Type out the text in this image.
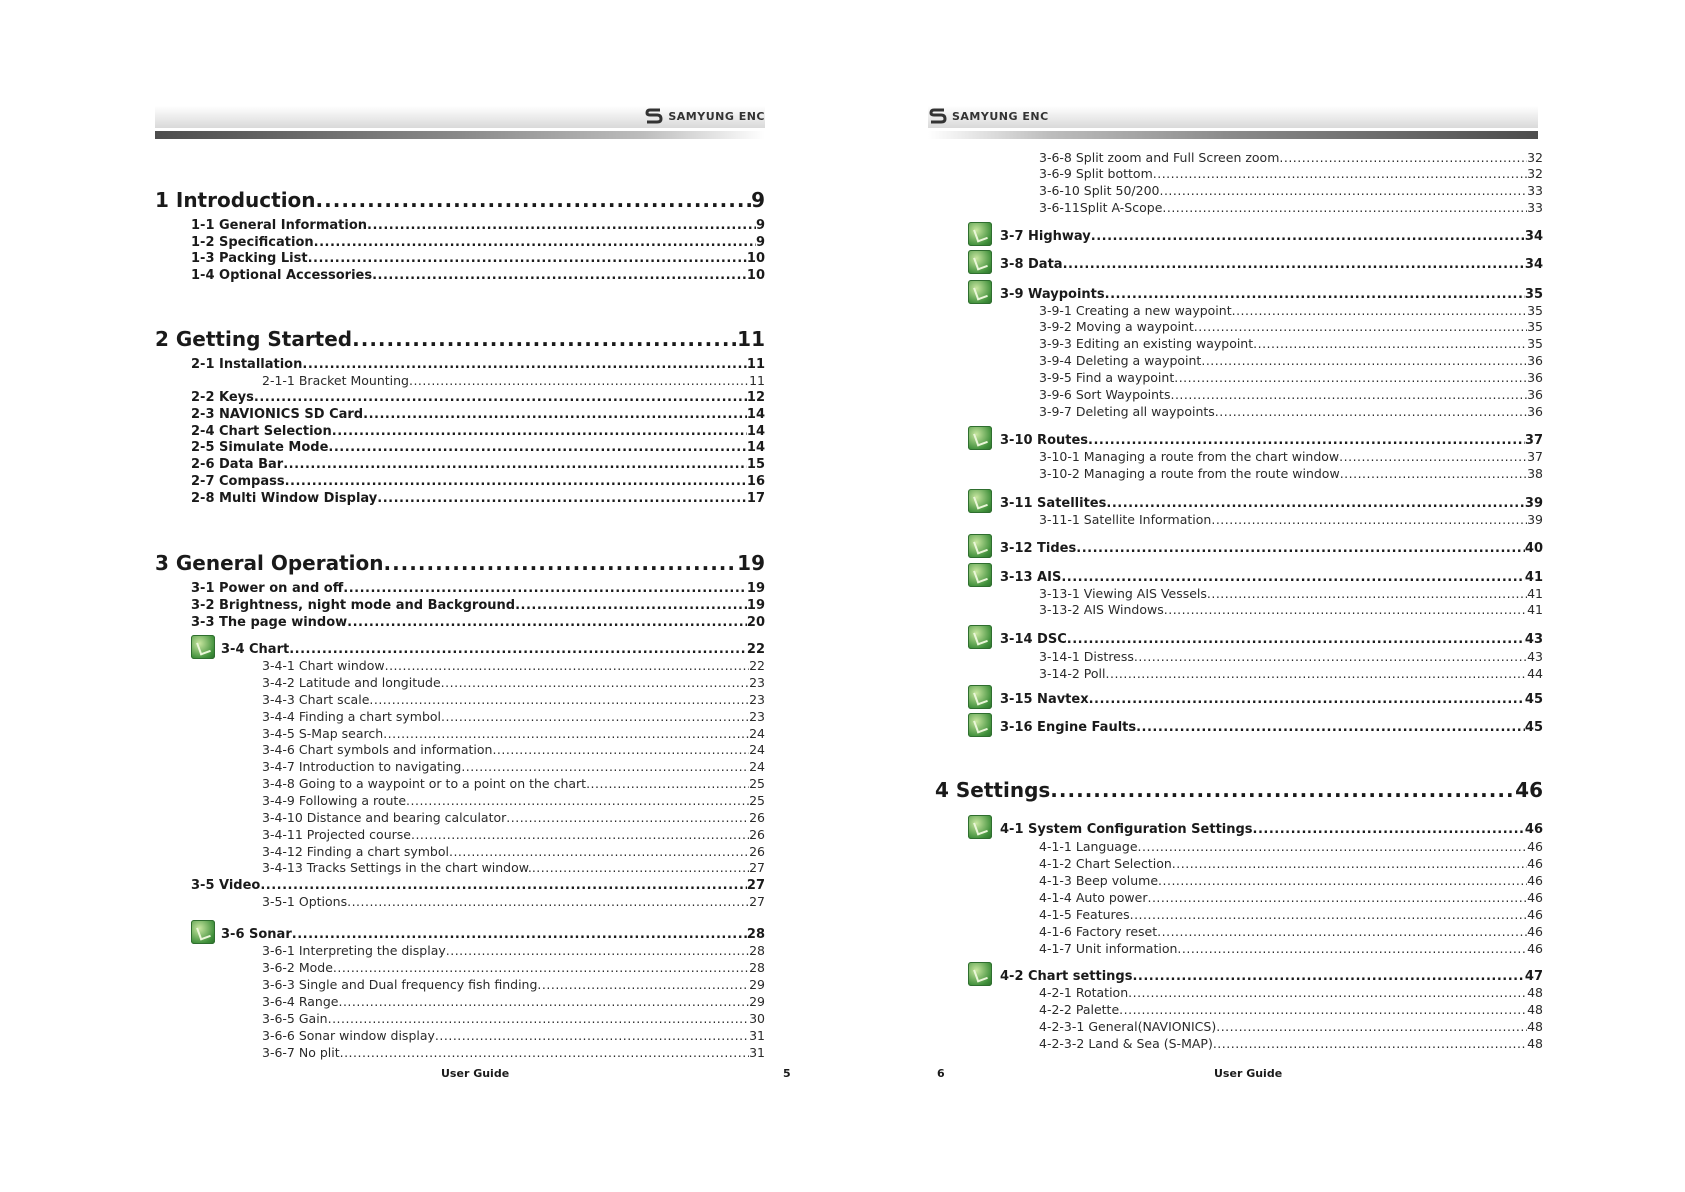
SAMYUNG ENC
1 Introduction .....	9
1-1 General Information .....	9
1-2 Specification .....	9
1-3 Packing List .....	10
1-4 Optional Accessories .....	10
2 Getting Started .....	11
2-1 Installation .....	11
2-1-1 Bracket Mounting .....	11
2-2 Keys .....	12
2-3 NAVIONICS SD Card .....	14
2-4 Chart Selection .....	14
2-5 Simulate Mode .....	14
2-6 Data Bar .....	15
2-7 Compass .....	16
2-8 Multi Window Display .....	17
3 General Operation .....	19
3-1 Power on and off .....	19
3-2 Brightness, night mode and Background .....	19
3-3 The page window .....	20
3-4 Chart .....	22
3-4-1 Chart window .....	22
3-4-2 Latitude and longitude .....	23
3-4-3 Chart scale .....	23
3-4-4 Finding a chart symbol .....	23
3-4-5 S-Map search .....	24
3-4-6 Chart symbols and information .....	24
3-4-7 Introduction to navigating .....	24
3-4-8 Going to a waypoint or to a point on the chart .....	25
3-4-9 Following a route .....	25
3-4-10 Distance and bearing calculator .....	26
3-4-11 Projected course .....	26
3-4-12 Finding a chart symbol .....	26
3-4-13 Tracks Settings in the chart window. .....	27
3-5 Video .....	27
3-5-1 Options .....	27
3-6 Sonar .....	28
3-6-1 Interpreting the display .....	28
3-6-2 Mode .....	28
3-6-3 Single and Dual frequency fish finding .....	29
3-6-4 Range .....	29
3-6-5 Gain .....	30
3-6-6 Sonar window display .....	31
3-6-7 No plit .....	31
User Guide	5
SAMYUNG ENC
3-6-8 Split zoom and Full Screen zoom .....	32
3-6-9 Split bottom .....	32
3-6-10 Split 50/200 .....	33
3-6-11Split A-Scope .....	33
3-7 Highway .....	34
3-8 Data .....	34
3-9 Waypoints .....	35
3-9-1 Creating a new waypoint .....	35
3-9-2 Moving a waypoint .....	35
3-9-3 Editing an existing waypoint .....	35
3-9-4 Deleting a waypoint .....	36
3-9-5 Find a waypoint .....	36
3-9-6 Sort Waypoints .....	36
3-9-7 Deleting all waypoints .....	36
3-10 Routes .....	37
3-10-1 Managing a route from the chart window .....	37
3-10-2 Managing a route from the route window .....	38
3-11 Satellites .....	39
3-11-1 Satellite Information .....	39
3-12 Tides .....	40
3-13 AIS .....	41
3-13-1 Viewing AIS Vessels .....	41
3-13-2 AIS Windows .....	41
3-14 DSC .....	43
3-14-1 Distress .....	43
3-14-2 Poll .....	44
3-15 Navtex .....	45
3-16 Engine Faults .....	45
4 Settings .....	46
4-1 System Configuration Settings .....	46
4-1-1 Language .....	46
4-1-2 Chart Selection .....	46
4-1-3 Beep volume .....	46
4-1-4 Auto power .....	46
4-1-5 Features .....	46
4-1-6 Factory reset .....	46
4-1-7 Unit information .....	46
4-2 Chart settings .....	47
4-2-1 Rotation .....	48
4-2-2 Palette .....	48
4-2-3-1 General(NAVIONICS) .....	48
4-2-3-2 Land & Sea (S-MAP) .....	48
6	User Guide
